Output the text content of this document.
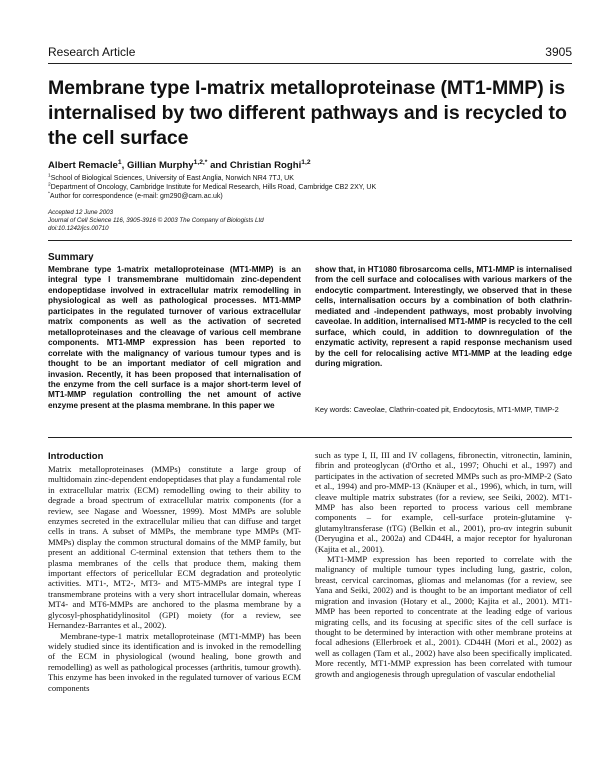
Research Article	3905
Membrane type I-matrix metalloproteinase (MT1-MMP) is internalised by two different pathways and is recycled to the cell surface
Albert Remacle$^1$, Gillian Murphy$^{1,2,*}$ and Christian Roghi$^{1,2}$
$^1$School of Biological Sciences, University of East Anglia, Norwich NR4 7TJ, UK
$^2$Department of Oncology, Cambridge Institute for Medical Research, Hills Road, Cambridge CB2 2XY, UK
*Author for correspondence (e-mail: gm290@cam.ac.uk)
Accepted 12 June 2003
Journal of Cell Science 116, 3905-3916 © 2003 The Company of Biologists Ltd
doi:10.1242/jcs.00710
Summary
Membrane type 1-matrix metalloproteinase (MT1-MMP) is an integral type I transmembrane multidomain zinc-dependent endopeptidase involved in extracellular matrix remodelling in physiological as well as pathological processes. MT1-MMP participates in the regulated turnover of various extracellular matrix components as well as the activation of secreted metalloproteinases and the cleavage of various cell membrane components. MT1-MMP expression has been reported to correlate with the malignancy of various tumour types and is thought to be an important mediator of cell migration and invasion. Recently, it has been proposed that internalisation of the enzyme from the cell surface is a major short-term level of MT1-MMP regulation controlling the net amount of active enzyme present at the plasma membrane. In this paper we
show that, in HT1080 fibrosarcoma cells, MT1-MMP is internalised from the cell surface and colocalises with various markers of the endocytic compartment. Interestingly, we observed that in these cells, internalisation occurs by a combination of both clathrin-mediated and -independent pathways, most probably involving caveolae. In addition, internalised MT1-MMP is recycled to the cell surface, which could, in addition to downregulation of the enzymatic activity, represent a rapid response mechanism used by the cell for relocalising active MT1-MMP at the leading edge during migration.
Key words: Caveolae, Clathrin-coated pit, Endocytosis, MT1-MMP, TIMP-2
Introduction

Matrix metalloproteinases (MMPs) constitute a large group of multidomain zinc-dependent endopeptidases that play a fundamental role in extracellular matrix (ECM) remodelling owing to their ability to degrade a broad spectrum of extracellular matrix components (for a review, see Nagase and Woessner, 1999). Most MMPs are soluble enzymes secreted in the extracellular milieu that can diffuse and target cells in trans. A subset of MMPs, the membrane type MMPs (MT-MMPs) display the common structural domains of the MMP family, but present an additional C-terminal extension that tethers them to the plasma membranes of the cells that produce them, making them important effectors of pericellular ECM degradation and proteolytic activities. MT1-, MT2-, MT3- and MT5-MMPs are integral type I transmembrane proteins with a very short intracellular domain, whereas MT4- and MT6-MMPs are anchored to the plasma membrane by a glycosyl-phosphatidylinositol (GPI) moiety (for a review, see Hernandez-Barrantes et al., 2002).

Membrane-type-1 matrix metalloproteinase (MT1-MMP) has been widely studied since its identification and is invoked in the remodelling of the ECM in physiological (wound healing, bone growth and remodelling) as well as pathological processes (arthritis, tumour growth). This enzyme has been invoked in the regulated turnover of various ECM components

such as type I, II, III and IV collagens, fibronectin, vitronectin, laminin, fibrin and proteoglycan (d'Ortho et al., 1997; Ohuchi et al., 1997) and participates in the activation of secreted MMPs such as pro-MMP-2 (Sato et al., 1994) and pro-MMP-13 (Knäuper et al., 1996), which, in turn, will cleave multiple matrix substrates (for a review, see Seiki, 2002). MT1-MMP has also been reported to process various cell membrane components – for example, cell-surface protein-glutamine γ-glutamyltransferase (tTG) (Belkin et al., 2001), pro-αv integrin subunit (Deryugina et al., 2002a) and CD44H, a major receptor for hyaluronan (Kajita et al., 2001).

MT1-MMP expression has been reported to correlate with the malignancy of multiple tumour types including lung, gastric, colon, breast, cervical carcinomas, gliomas and melanomas (for a review, see Yana and Seiki, 2002) and is thought to be an important mediator of cell migration and invasion (Hotary et al., 2000; Kajita et al., 2001). MT1-MMP has been reported to concentrate at the leading edge of various migrating cells, and its focusing at specific sites of the cell surface is thought to be determined by interaction with other membrane proteins at focal adhesions (Ellerbroek et al., 2001). CD44H (Mori et al., 2002) as well as collagen (Tam et al., 2002) have also been specifically implicated. More recently, MT1-MMP expression has been correlated with tumour growth and angiogenesis through upregulation of vascular endothelial
